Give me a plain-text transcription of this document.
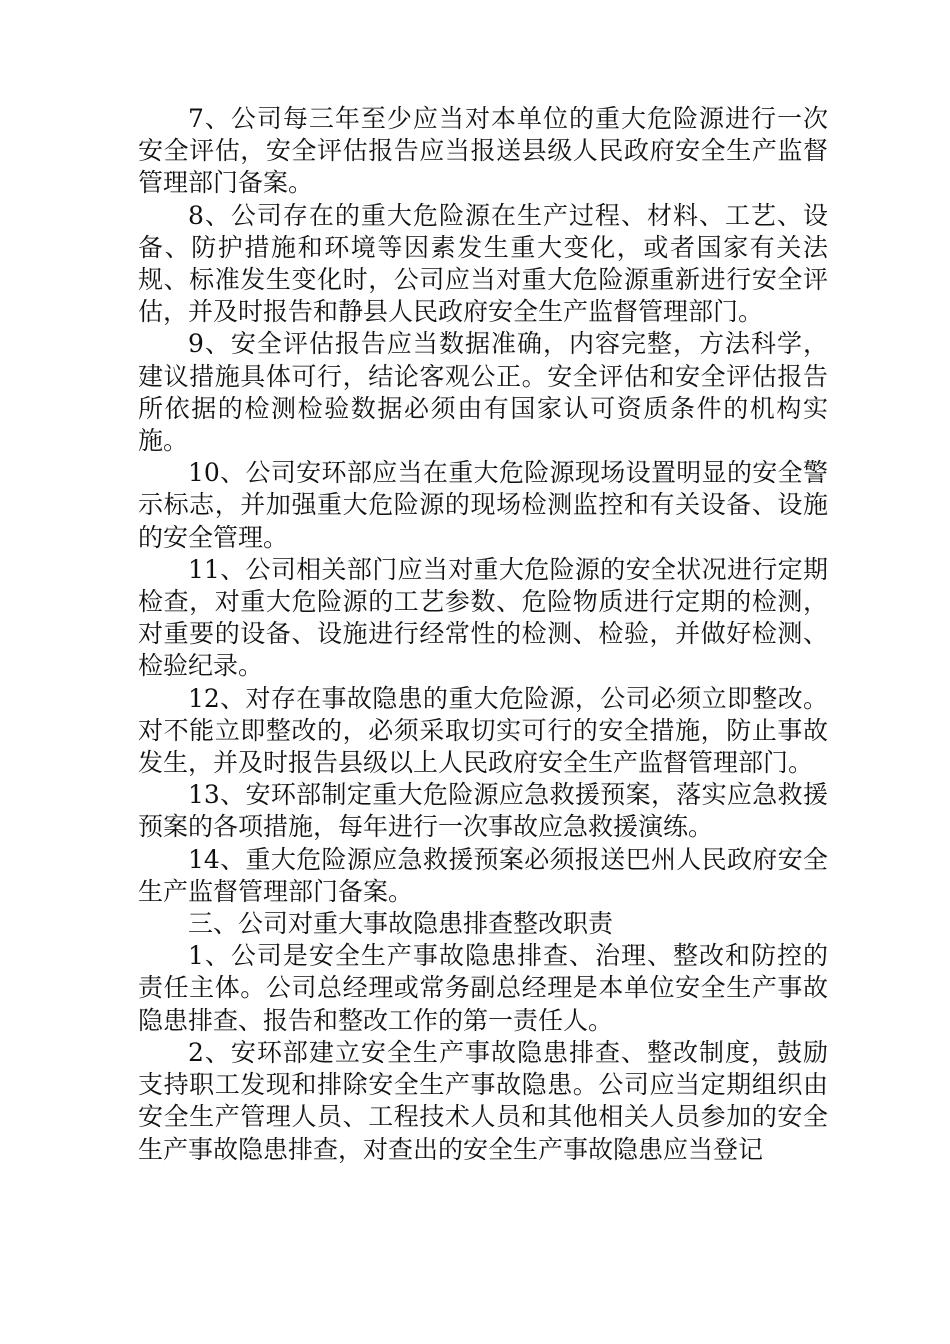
7、公司每三年至少应当对本单位的重大危险源进行一次安全评估，安全评估报告应当报送县级人民政府安全生产监督管理部门备案。

8、公司存在的重大危险源在生产过程、材料、工艺、设备、防护措施和环境等因素发生重大变化，或者国家有关法规、标准发生变化时，公司应当对重大危险源重新进行安全评估，并及时报告和静县人民政府安全生产监督管理部门。

9、安全评估报告应当数据准确，内容完整，方法科学，建议措施具体可行，结论客观公正。安全评估和安全评估报告所依据的检测检验数据必须由有国家认可资质条件的机构实施。

10、公司安环部应当在重大危险源现场设置明显的安全警示标志，并加强重大危险源的现场检测监控和有关设备、设施的安全管理。

11、公司相关部门应当对重大危险源的安全状况进行定期检查，对重大危险源的工艺参数、危险物质进行定期的检测，对重要的设备、设施进行经常性的检测、检验，并做好检测、检验纪录。

12、对存在事故隐患的重大危险源，公司必须立即整改。对不能立即整改的，必须采取切实可行的安全措施，防止事故发生，并及时报告县级以上人民政府安全生产监督管理部门。

13、安环部制定重大危险源应急救援预案，落实应急救援预案的各项措施，每年进行一次事故应急救援演练。

14、重大危险源应急救援预案必须报送巴州人民政府安全生产监督管理部门备案。

三、公司对重大事故隐患排查整改职责

1、公司是安全生产事故隐患排查、治理、整改和防控的责任主体。公司总经理或常务副总经理是本单位安全生产事故隐患排查、报告和整改工作的第一责任人。

2、安环部建立安全生产事故隐患排查、整改制度，鼓励支持职工发现和排除安全生产事故隐患。公司应当定期组织由安全生产管理人员、工程技术人员和其他相关人员参加的安全生产事故隐患排查，对查出的安全生产事故隐患应当登记
